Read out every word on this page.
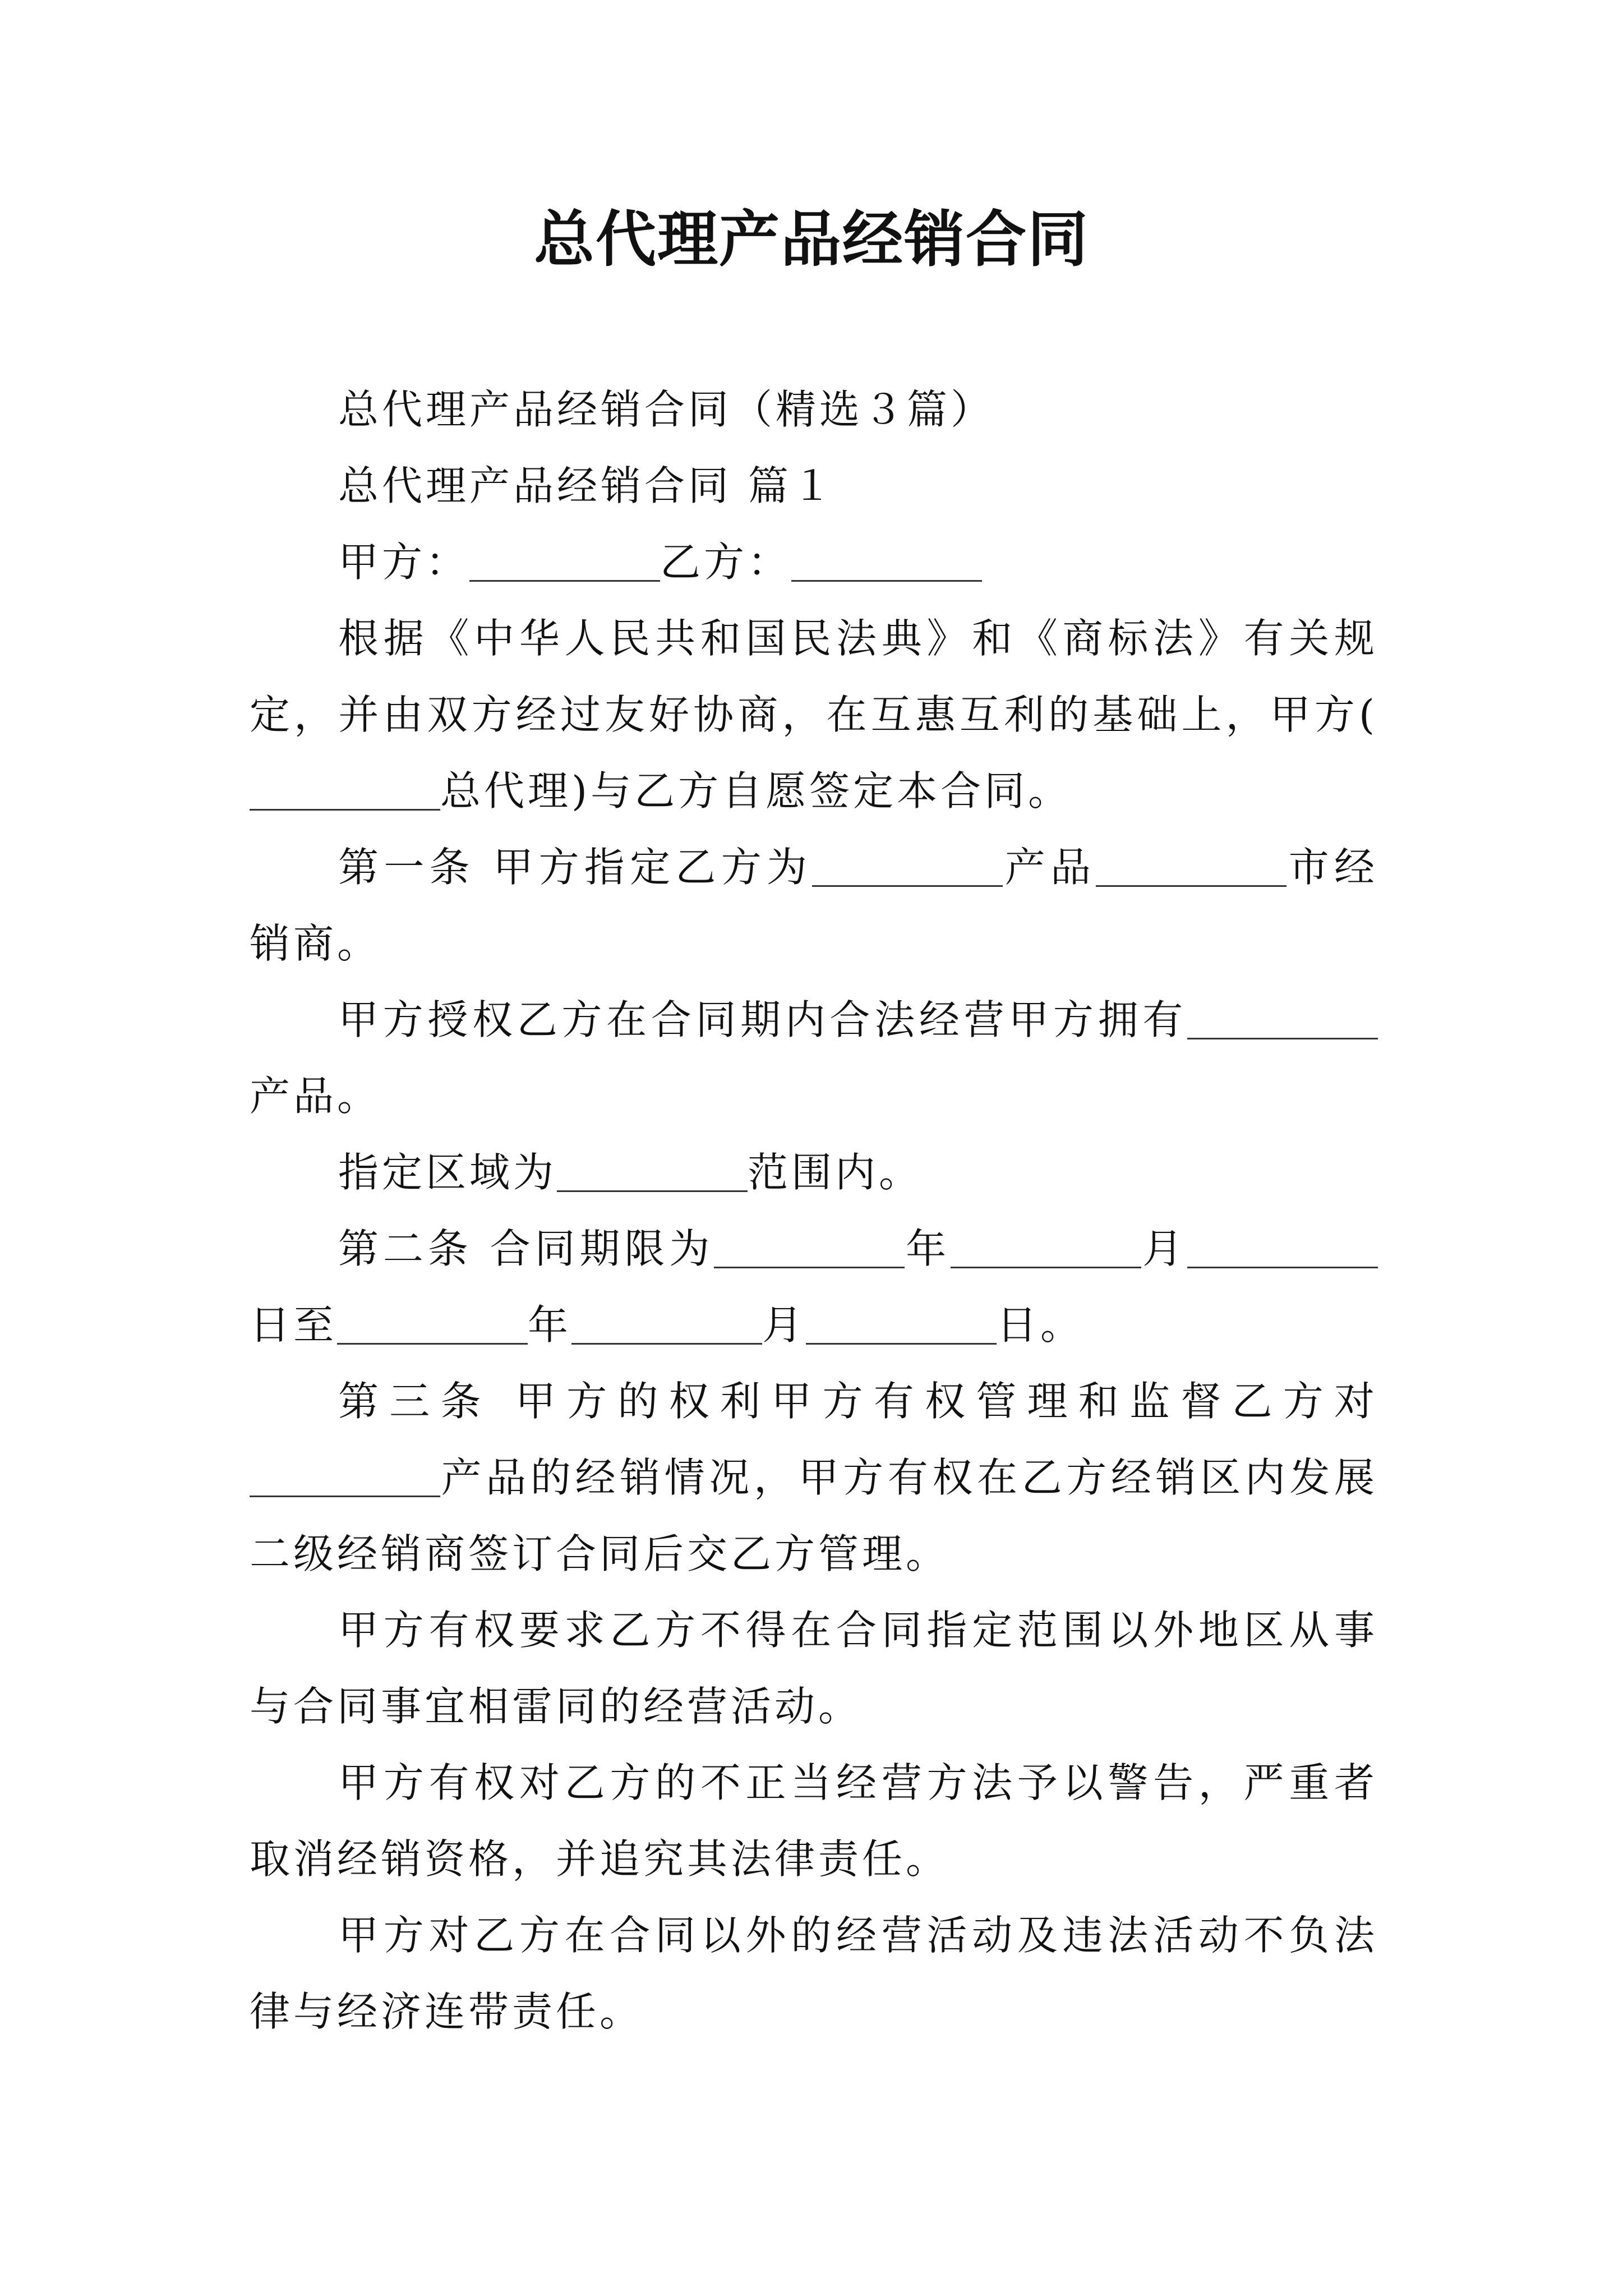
总代理产品经销合同

总代理产品经销合同（精选３篇）

总代理产品经销合同 篇１

甲方：	乙方：

根据《中华人民共和国民法典》和《商标法》有关规定，并由双方经过友好协商，在互惠互利的基础上，甲方(总代理)与乙方自愿签定本合同。

第一条 甲方指定乙方为	产品	市经销商。

甲方授权乙方在合同期内合法经营甲方拥有产品。

指定区域为	范围内。

第二条 合同期限为	年	月日至	年	月	日。

第三条 甲方的权利甲方有权管理和监督乙方对产品的经销情况，甲方有权在乙方经销区内发展二级经销商签订合同后交乙方管理。

甲方有权要求乙方不得在合同指定范围以外地区从事与合同事宜相雷同的经营活动。

甲方有权对乙方的不正当经营方法予以警告，严重者取消经销资格，并追究其法律责任。

甲方对乙方在合同以外的经营活动及违法活动不负法律与经济连带责任。
